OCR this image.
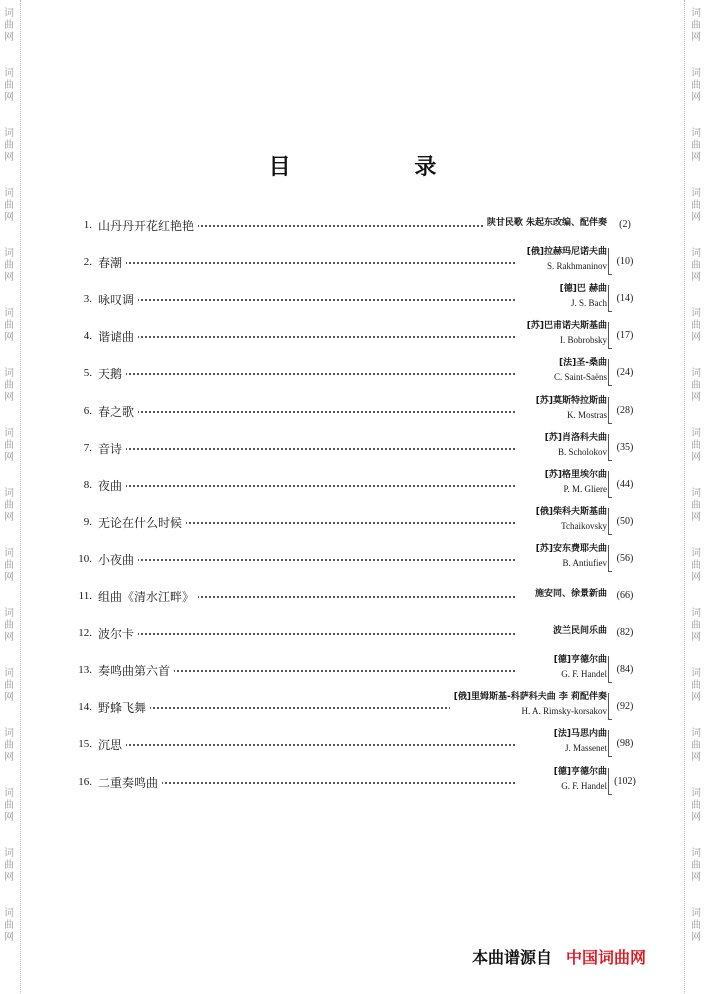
词
曲
网
词
曲
网
词
曲
网
词
曲
网
词
曲
网
词
曲
网
词
曲
网
词
曲
网
词
曲
网
词
曲
网
词
曲
网
词
曲
网
词
曲
网
词
曲
网
词
曲
网
词
曲
网
词
曲
网
词
曲
网
词
曲
网
词
曲
网
词
曲
网
词
曲
网
词
曲
网
词
曲
网
词
曲
网
词
曲
网
词
曲
网
词
曲
网
词
曲
网
词
曲
网
词
曲
网
词
曲
网
目 录
1. 山丹丹开花红艳艳	陕甘民歌 朱起东改编、配伴奏	(2)
2. 春潮
[俄]拉赫玛尼诺夫曲
S. Rakhmaninov (10)
3. 咏叹调
[德]巴 赫曲
J. S. Bach (14)
4. 谐谑曲
[苏]巴甫诺夫斯基曲
I. Bobrobsky (17)
5. 天鹅
[法]圣-桑曲
C. Saint-Saëns (24)
6. 春之歌
[苏]莫斯特拉斯曲
K. Mostras (28)
7. 音诗
[苏]肖洛科夫曲
B. Scholokov (35)
8. 夜曲
[苏]格里埃尔曲
P. M. Gliere (44)
9. 无论在什么时候
[俄]柴科夫斯基曲
Tchaikovsky (50)
10. 小夜曲
[苏]安东费耶夫曲
B. Antiufiev (56)
11. 组曲《清水江畔》	施安同、徐景新曲 (66)
12. 波尔卡	波兰民间乐曲 (82)
13. 奏鸣曲第六首
[德]亨德尔曲
G. F. Handel (84)
14. 野蜂飞舞
[俄]里姆斯基-科萨科夫曲 李 莉配伴奏
H. A. Rimsky-korsakov (92)
15. 沉思
[法]马思内曲
J. Massenet (98)
16. 二重奏鸣曲
[德]亨德尔曲
G. F. Handel (102)
本曲谱源自 中国词曲网
